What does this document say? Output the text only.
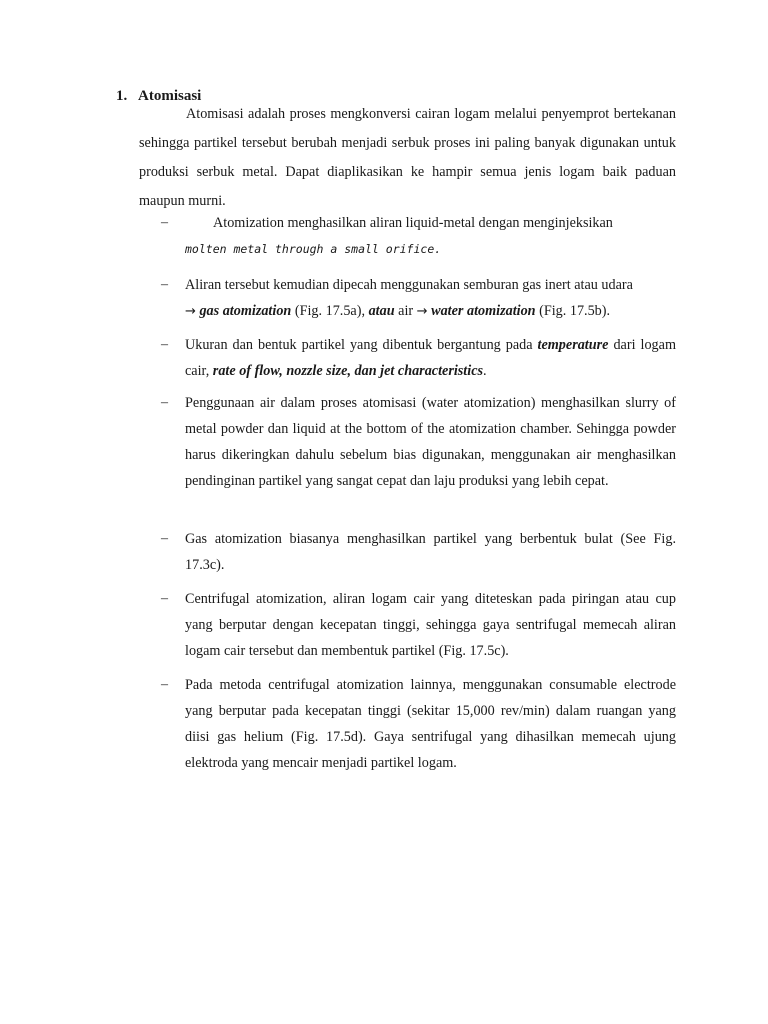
1. Atomisasi

Atomisasi adalah proses mengkonversi cairan logam melalui penyemprot bertekanan sehingga partikel tersebut berubah menjadi serbuk proses ini paling banyak digunakan untuk produksi serbuk metal. Dapat diaplikasikan ke hampir semua jenis logam baik paduan maupun murni.

–	Atomization menghasilkan aliran liquid-metal dengan menginjeksikan
molten metal through a small orifice.

– Aliran tersebut kemudian dipecah menggunakan semburan gas inert atau udara
→ gas atomization (Fig. 17.5a), atau air → water atomization (Fig. 17.5b).

– Ukuran dan bentuk partikel yang dibentuk bergantung pada temperature dari logam cair, rate of flow, nozzle size, dan jet characteristics.

– Penggunaan air dalam proses atomisasi (water atomization) menghasilkan slurry of metal powder dan liquid at the bottom of the atomization chamber. Sehingga powder harus dikeringkan dahulu sebelum bias digunakan, menggunakan air menghasilkan pendinginan partikel yang sangat cepat dan laju produksi yang lebih cepat.

– Gas atomization biasanya menghasilkan partikel yang berbentuk bulat (See Fig. 17.3c).

– Centrifugal atomization, aliran logam cair yang diteteskan pada piringan atau cup yang berputar dengan kecepatan tinggi, sehingga gaya sentrifugal memecah aliran logam cair tersebut dan membentuk partikel (Fig. 17.5c).

– Pada metoda centrifugal atomization lainnya, menggunakan consumable electrode yang berputar pada kecepatan tinggi (sekitar 15,000 rev/min) dalam ruangan yang diisi gas helium (Fig. 17.5d). Gaya sentrifugal yang dihasilkan memecah ujung elektroda yang mencair menjadi partikel logam.
